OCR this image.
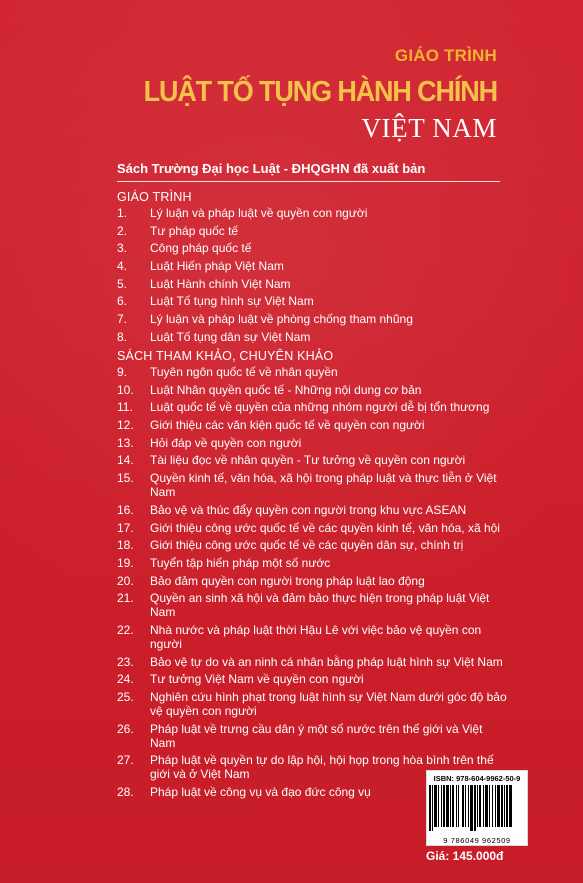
GIÁO TRÌNH
LUẬT TỐ TỤNG HÀNH CHÍNH
VIỆT NAM
Sách Trường Đại học Luật - ĐHQGHN đã xuất bản
GIÁO TRÌNH
1.	Lý luận và pháp luật về quyền con người
2.	Tư pháp quốc tế
3.	Công pháp quốc tế
4.	Luật Hiến pháp Việt Nam
5.	Luật Hành chính Việt Nam
6.	Luật Tố tụng hình sự Việt Nam
7.	Lý luận và pháp luật về phòng chống tham nhũng
8.	Luật Tố tụng dân sự Việt Nam
SÁCH THAM KHẢO, CHUYÊN KHẢO
9.	Tuyên ngôn quốc tế về nhân quyền
10.	Luật Nhân quyền quốc tế - Những nội dung cơ bản
11.	Luật quốc tế về quyền của những nhóm người dễ bị tổn thương
12.	Giới thiệu các văn kiện quốc tế về quyền con người
13.	Hỏi đáp về quyền con người
14.	Tài liệu đọc về nhân quyền - Tư tưởng về quyền con người
15.	Quyền kinh tế, văn hóa, xã hội trong pháp luật và thực tiễn ở Việt Nam
16.	Bảo vệ và thúc đẩy quyền con người trong khu vực ASEAN
17.	Giới thiệu công ước quốc tế về các quyền kinh tế, văn hóa, xã hội
18.	Giới thiệu công ước quốc tế về các quyền dân sự, chính trị
19.	Tuyển tập hiến pháp một số nước
20.	Bảo đảm quyền con người trong pháp luật lao động
21.	Quyền an sinh xã hội và đảm bảo thực hiện trong pháp luật Việt Nam
22.	Nhà nước và pháp luật thời Hậu Lê với việc bảo vệ quyền con người
23.	Bảo vệ tự do và an ninh cá nhân bằng pháp luật hình sự Việt Nam
24.	Tư tưởng Việt Nam về quyền con người
25.	Nghiên cứu hình phạt trong luật hình sự Việt Nam dưới góc độ bảo vệ quyền con người
26.	Pháp luật về trưng cầu dân ý một số nước trên thế giới và Việt Nam
27.	Pháp luật về quyền tự do lập hội, hội họp trong hòa bình trên thế giới và ở Việt Nam
28.	Pháp luật về công vụ và đạo đức công vụ
ISBN: 978-604-9962-50-9
9 786049 962509
Giá: 145.000đ
